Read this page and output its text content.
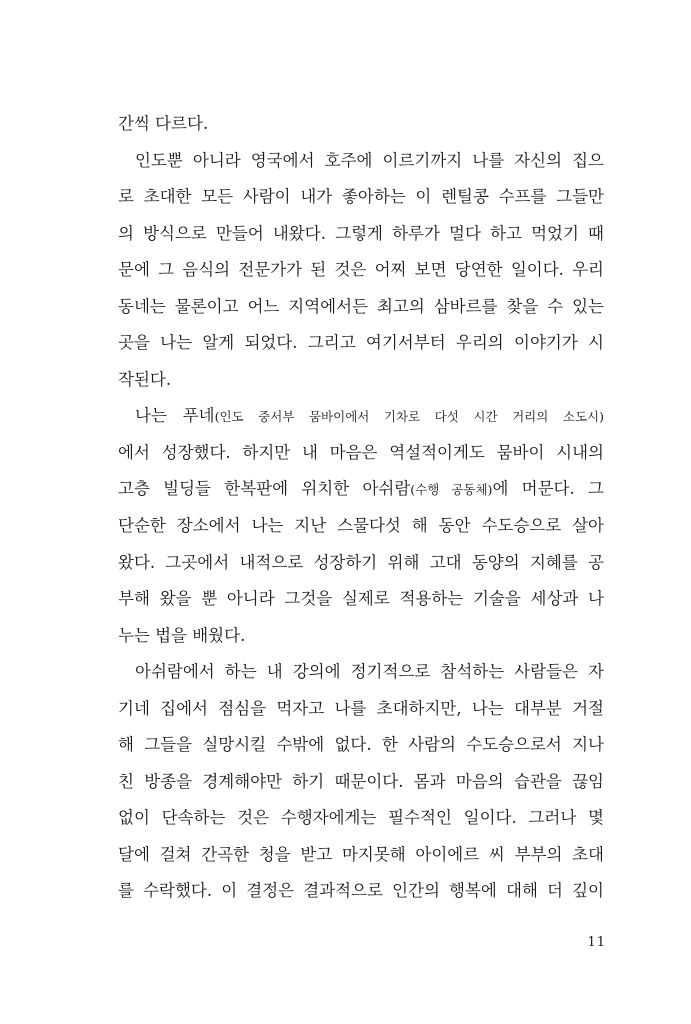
간씩 다르다.
인도뿐 아니라 영국에서 호주에 이르기까지 나를 자신의 집으
로 초대한 모든 사람이 내가 좋아하는 이 렌틸콩 수프를 그들만
의 방식으로 만들어 내왔다. 그렇게 하루가 멀다 하고 먹었기 때
문에 그 음식의 전문가가 된 것은 어찌 보면 당연한 일이다. 우리
동네는 물론이고 어느 지역에서든 최고의 삼바르를 찾을 수 있는
곳을 나는 알게 되었다. 그리고 여기서부터 우리의 이야기가 시
작된다.
나는 푸네(인도 중서부 뭄바이에서 기차로 다섯 시간 거리의 소도시)
에서 성장했다. 하지만 내 마음은 역설적이게도 뭄바이 시내의
고층 빌딩들 한복판에 위치한 아쉬람(수행 공동체)에 머문다. 그
단순한 장소에서 나는 지난 스물다섯 해 동안 수도승으로 살아
왔다. 그곳에서 내적으로 성장하기 위해 고대 동양의 지혜를 공
부해 왔을 뿐 아니라 그것을 실제로 적용하는 기술을 세상과 나
누는 법을 배웠다.
아쉬람에서 하는 내 강의에 정기적으로 참석하는 사람들은 자
기네 집에서 점심을 먹자고 나를 초대하지만, 나는 대부분 거절
해 그들을 실망시킬 수밖에 없다. 한 사람의 수도승으로서 지나
친 방종을 경계해야만 하기 때문이다. 몸과 마음의 습관을 끊임
없이 단속하는 것은 수행자에게는 필수적인 일이다. 그러나 몇
달에 걸쳐 간곡한 청을 받고 마지못해 아이에르 씨 부부의 초대
를 수락했다. 이 결정은 결과적으로 인간의 행복에 대해 더 깊이
11
